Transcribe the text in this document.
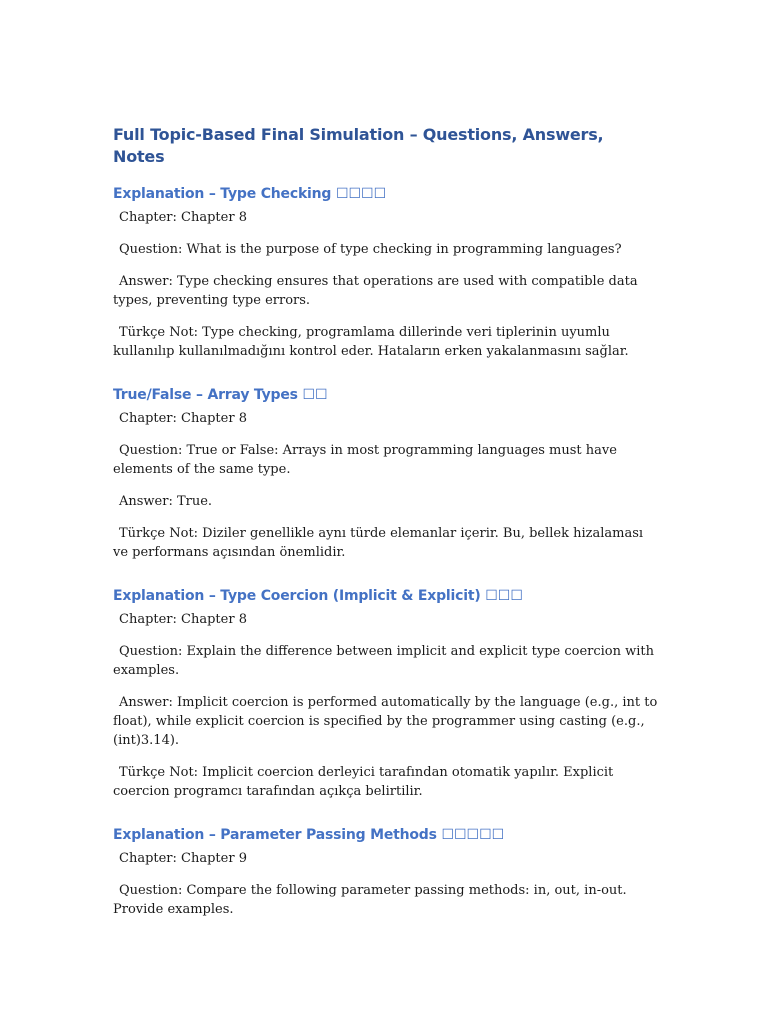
Full Topic-Based Final Simulation – Questions, Answers, Notes
Explanation – Type Checking ☐☐☐☐

Chapter: Chapter 8

Question: What is the purpose of type checking in programming languages?

Answer: Type checking ensures that operations are used with compatible data types, preventing type errors.

Türkçe Not: Type checking, programlama dillerinde veri tiplerinin uyumlu kullanılıp kullanılmadığını kontrol eder. Hataların erken yakalanmasını sağlar.

True/False – Array Types ☐☐

Chapter: Chapter 8

Question: True or False: Arrays in most programming languages must have elements of the same type.

Answer: True.

Türkçe Not: Diziler genellikle aynı türde elemanlar içerir. Bu, bellek hizalaması ve performans açısından önemlidir.

Explanation – Type Coercion (Implicit & Explicit) ☐☐☐

Chapter: Chapter 8

Question: Explain the difference between implicit and explicit type coercion with examples.

Answer: Implicit coercion is performed automatically by the language (e.g., int to float), while explicit coercion is specified by the programmer using casting (e.g., (int)3.14).

Türkçe Not: Implicit coercion derleyici tarafından otomatik yapılır. Explicit coercion programcı tarafından açıkça belirtilir.

Explanation – Parameter Passing Methods ☐☐☐☐☐

Chapter: Chapter 9

Question: Compare the following parameter passing methods: in, out, in-out. Provide examples.
